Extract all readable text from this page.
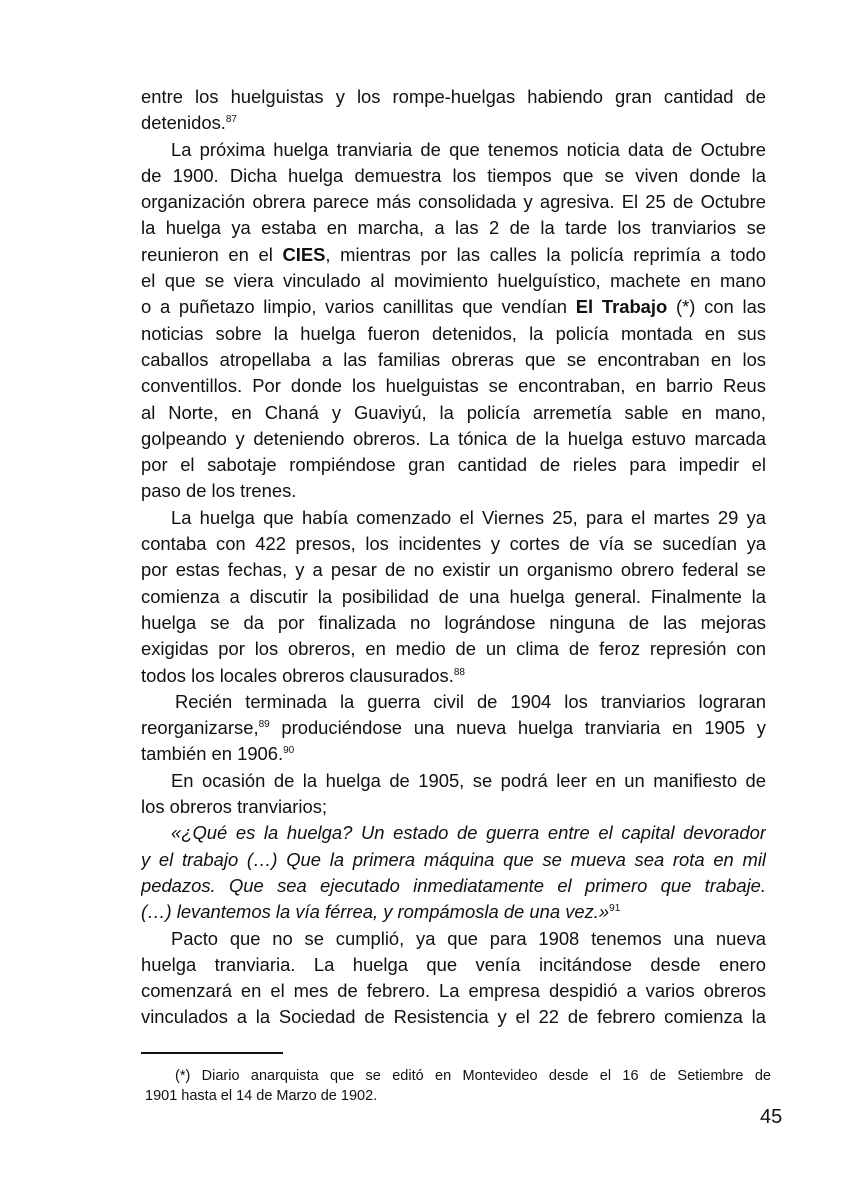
entre los huelguistas y los rompe-huelgas habiendo gran cantidad de
detenidos.$^{87}$
La próxima huelga tranviaria de que tenemos noticia data de Octubre
de 1900. Dicha huelga demuestra los tiempos que se viven donde la
organización obrera parece más consolidada y agresiva. El 25 de Octubre
la huelga ya estaba en marcha, a las 2 de la tarde los tranviarios se
reunieron en el CIES, mientras por las calles la policía reprimía a todo
el que se viera vinculado al movimiento huelguístico, machete en mano
o a puñetazo limpio, varios canillitas que vendían El Trabajo (*) con las
noticias sobre la huelga fueron detenidos, la policía montada en sus
caballos atropellaba a las familias obreras que se encontraban en los
conventillos. Por donde los huelguistas se encontraban, en barrio Reus
al Norte, en Chaná y Guaviyú, la policía arremetía sable en mano,
golpeando y deteniendo obreros. La tónica de la huelga estuvo marcada
por el sabotaje rompiéndose gran cantidad de rieles para impedir el
paso de los trenes.
La huelga que había comenzado el Viernes 25, para el martes 29 ya
contaba con 422 presos, los incidentes y cortes de vía se sucedían ya
por estas fechas, y a pesar de no existir un organismo obrero federal se
comienza a discutir la posibilidad de una huelga general. Finalmente la
huelga se da por finalizada no lográndose ninguna de las mejoras
exigidas por los obreros, en medio de un clima de feroz represión con
todos los locales obreros clausurados.$^{88}$
Recién terminada la guerra civil de 1904 los tranviarios lograran
reorganizarse,$^{89}$ produciéndose una nueva huelga tranviaria en 1905 y
también en 1906.90
En ocasión de la huelga de 1905, se podrá leer en un manifiesto de
los obreros tranviarios;
«¿Qué es la huelga? Un estado de guerra entre el capital devorador
y el trabajo (…) Que la primera máquina que se mueva sea rota en mil
pedazos. Que sea ejecutado inmediatamente el primero que trabaje.
(…) levantemos la vía férrea, y rompámosla de una vez.»$^{91}$
Pacto que no se cumplió, ya que para 1908 tenemos una nueva
huelga tranviaria. La huelga que venía incitándose desde enero
comenzará en el mes de febrero. La empresa despidió a varios obreros
vinculados a la Sociedad de Resistencia y el 22 de febrero comienza la
(*) Diario anarquista que se editó en Montevideo desde el 16 de Setiembre de
1901 hasta el 14 de Marzo de 1902.
45
